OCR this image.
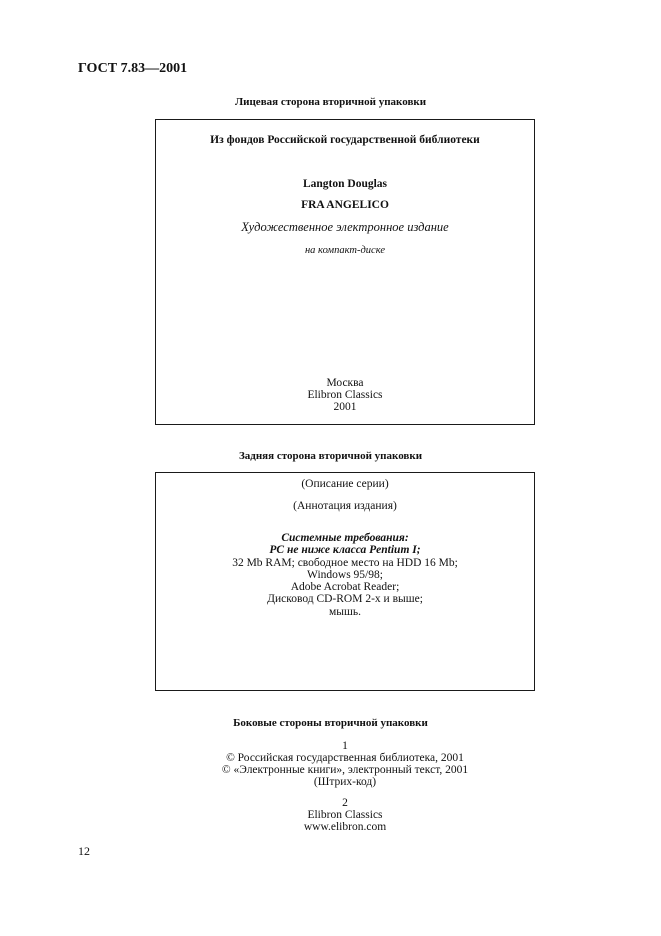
ГОСТ 7.83—2001
Лицевая сторона вторичной упаковки
Из фондов Российской государственной библиотеки
Langton Douglas
FRA ANGELICO
Художественное электронное издание
на компакт-диске
Москва
Elibron Classics
2001
Задняя сторона вторичной упаковки
(Описание серии)
(Аннотация издания)
Системные требования:
PC не ниже класса Pentium I;
32 Mb RAM; свободное место на HDD 16 Mb;
Windows 95/98;
Adobe Acrobat Reader;
Дисковод CD-ROM 2-х и выше;
мышь.
Боковые стороны вторичной упаковки
1
© Российская государственная библиотека, 2001
© «Электронные книги», электронный текст, 2001
(Штрих-код)
2
Elibron Classics
www.elibron.com
12
